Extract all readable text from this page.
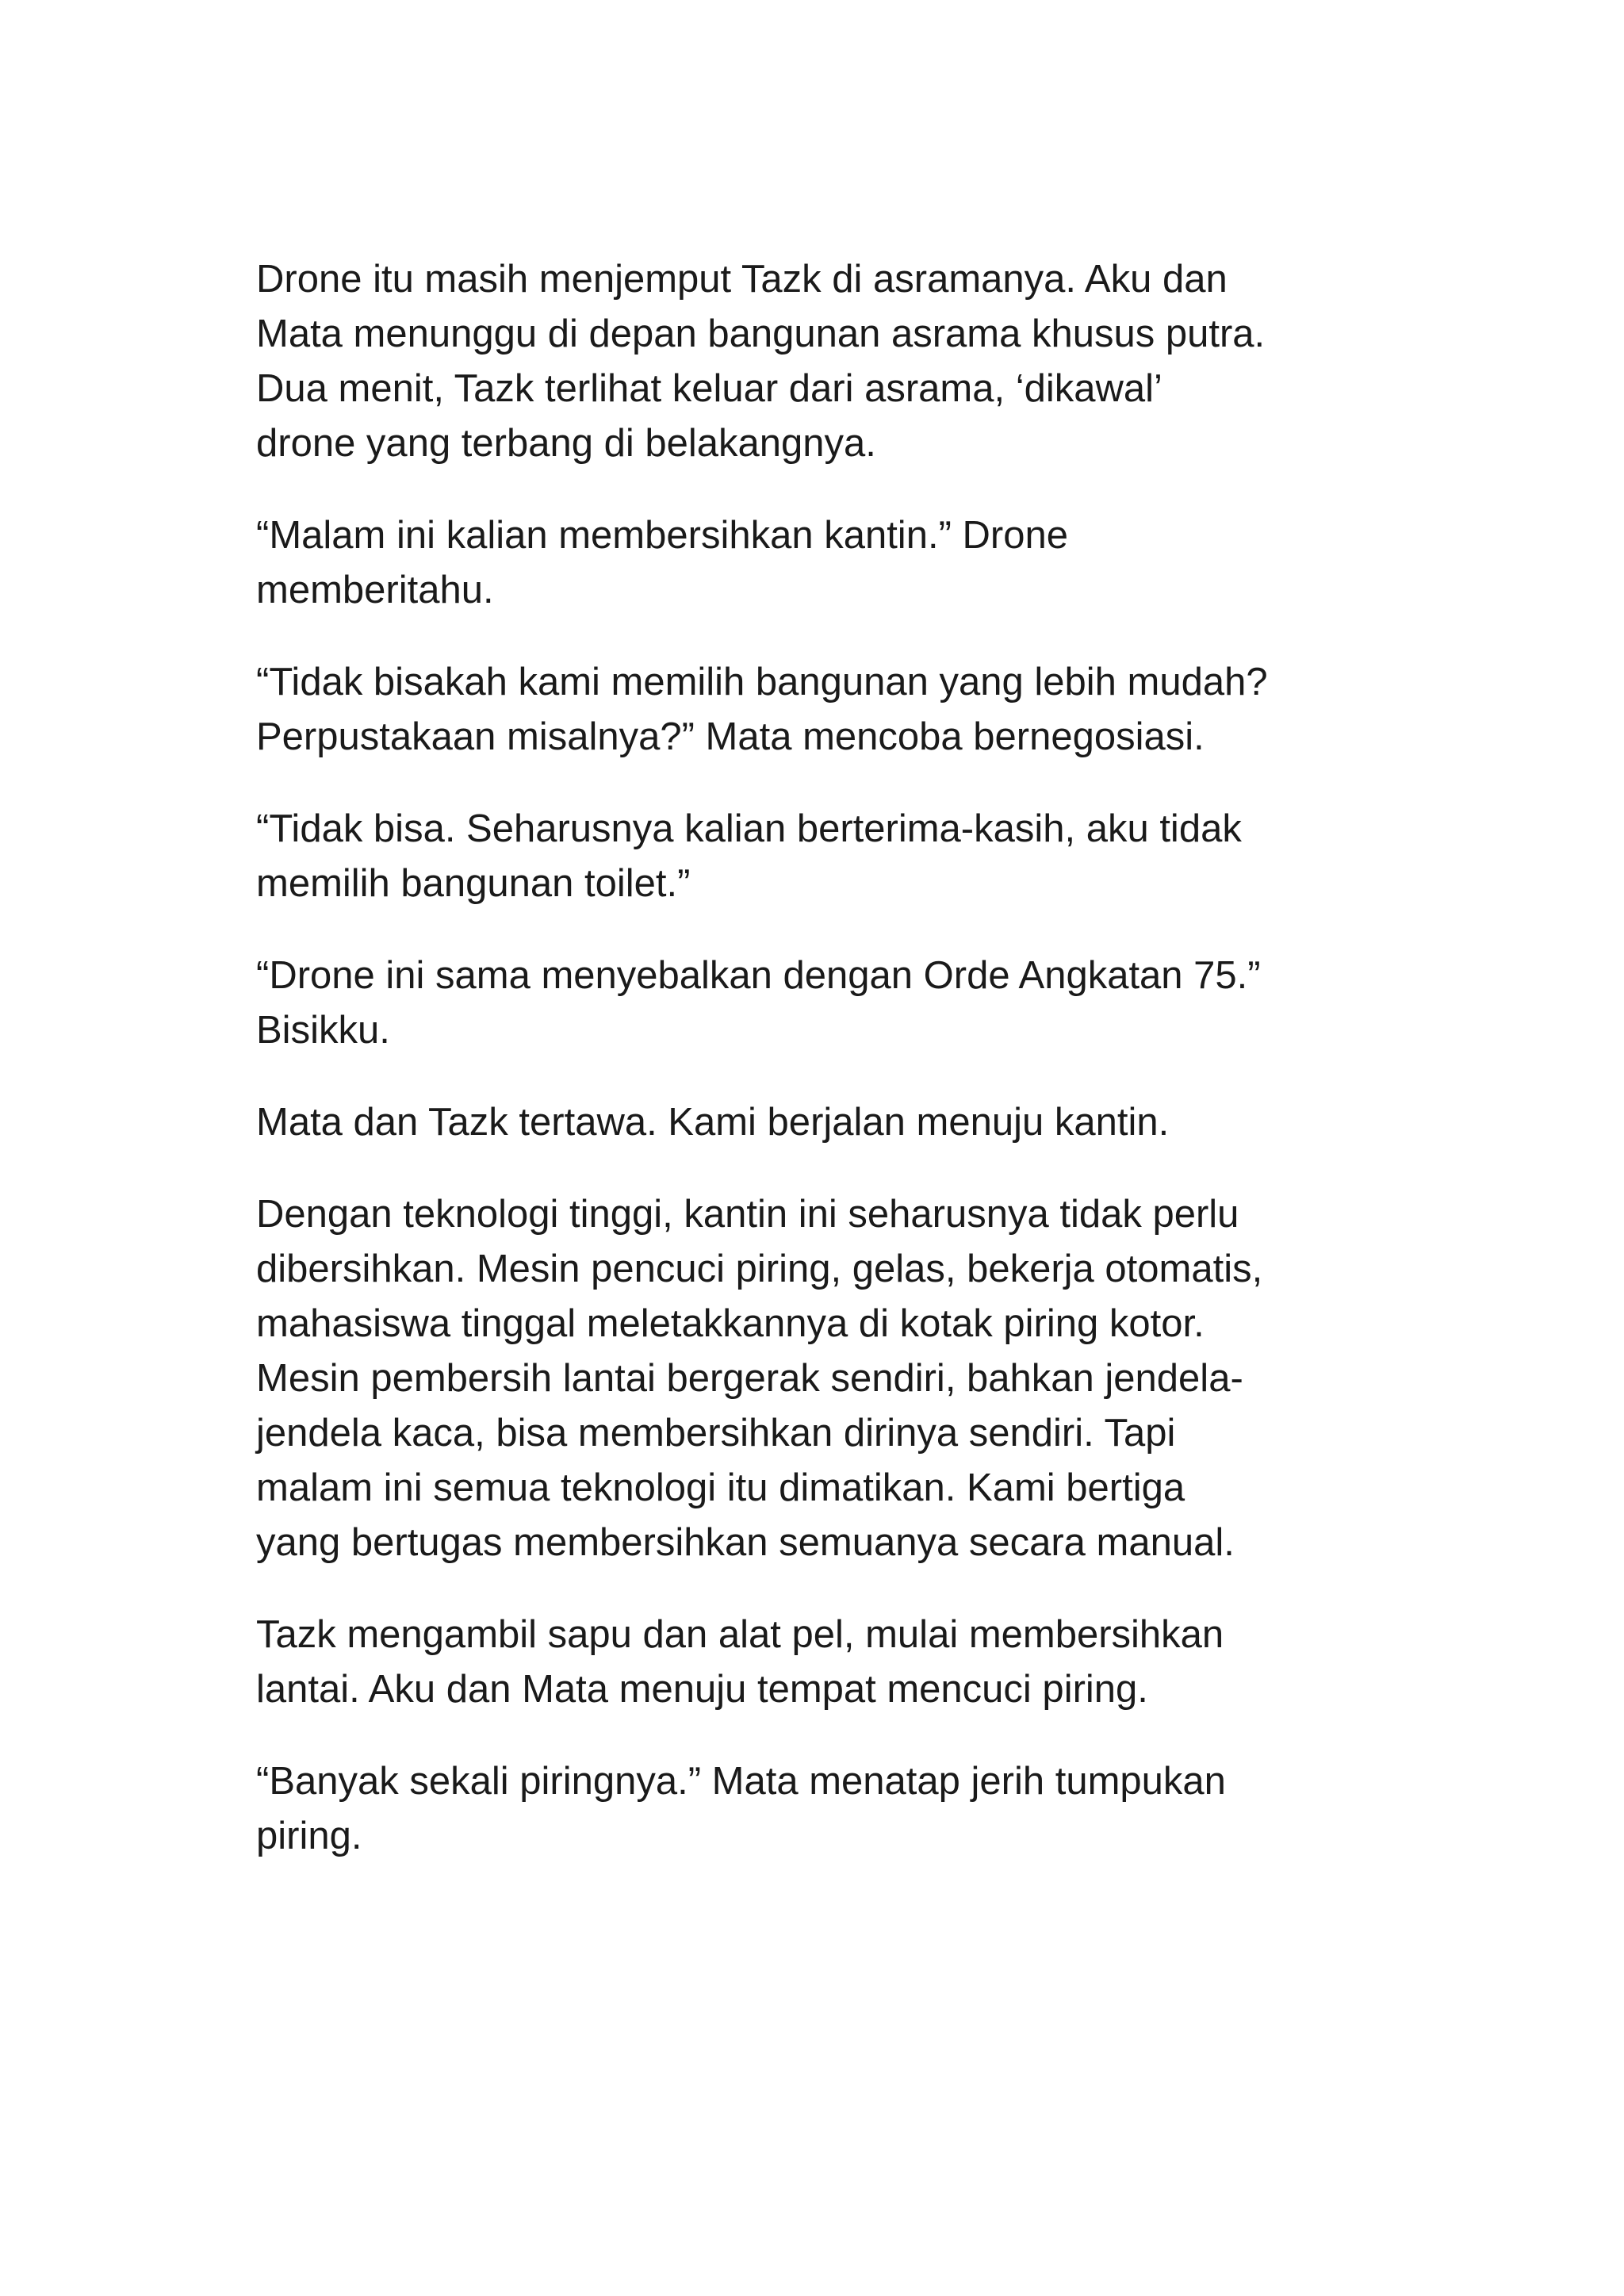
Drone itu masih menjemput Tazk di asramanya. Aku dan
Mata menunggu di depan bangunan asrama khusus putra.
Dua menit, Tazk terlihat keluar dari asrama, ‘dikawal’
drone yang terbang di belakangnya.

“Malam ini kalian membersihkan kantin.” Drone
memberitahu.

“Tidak bisakah kami memilih bangunan yang lebih mudah?
Perpustakaan misalnya?” Mata mencoba bernegosiasi.

“Tidak bisa. Seharusnya kalian berterima-kasih, aku tidak
memilih bangunan toilet.”

“Drone ini sama menyebalkan dengan Orde Angkatan 75.”
Bisikku.

Mata dan Tazk tertawa. Kami berjalan menuju kantin.

Dengan teknologi tinggi, kantin ini seharusnya tidak perlu
dibersihkan. Mesin pencuci piring, gelas, bekerja otomatis,
mahasiswa tinggal meletakkannya di kotak piring kotor.
Mesin pembersih lantai bergerak sendiri, bahkan jendela-
jendela kaca, bisa membersihkan dirinya sendiri. Tapi
malam ini semua teknologi itu dimatikan. Kami bertiga
yang bertugas membersihkan semuanya secara manual.

Tazk mengambil sapu dan alat pel, mulai membersihkan
lantai. Aku dan Mata menuju tempat mencuci piring.

“Banyak sekali piringnya.” Mata menatap jerih tumpukan
piring.
